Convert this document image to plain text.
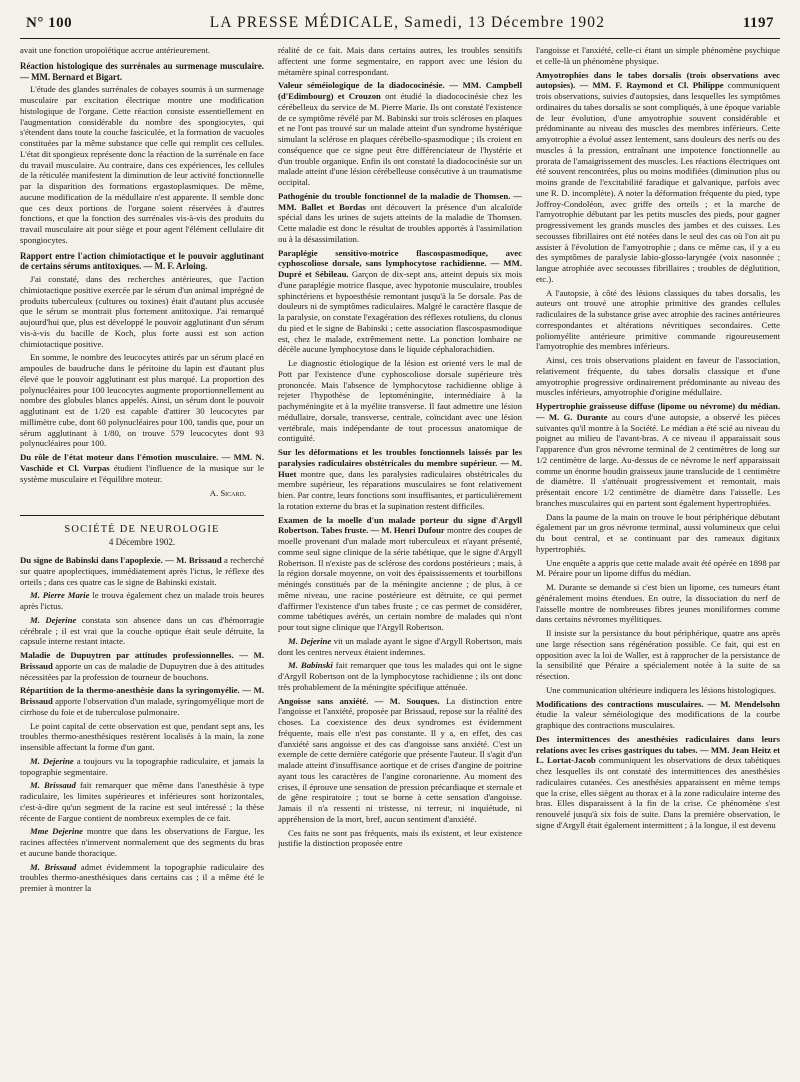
N° 100	LA PRESSE MÉDICALE, Samedi, 13 Décembre 1902	1197

avait une fonction uropoïétique accrue antérieurement.

Réaction histologique des surrénales au surmenage musculaire. — MM. Bernard et Bigart.

L'étude des glandes surrénales de cobayes soumis à un surmenage musculaire par excitation électrique montre une modification histologique de l'organe. Cette réaction consiste essentiellement en l'augmentation considérable du nombre des spongiocytes, qui s'étendent dans toute la couche fasciculée, et la formation de vacuoles constituées par la même substance que celle qui remplit ces cellules. L'état dit spongieux représente donc la réaction de la surrénale en face du travail musculaire. Au contraire, dans ces expériences, les cellules de la réticulée manifestent la diminution de leur activité fonctionnelle par la disparition des formations ergastoplasmiques. De même, aucune modification de la médullaire n'est apparente. Il semble donc que ces deux portions de l'organe soient réservées à d'autres fonctions, et que la fonction des surrénales vis-à-vis des produits du travail musculaire ait pour siège et pour agent l'élément cellulaire dit spongiocytes.

Rapport entre l'action chimiotactique et le pouvoir agglutinant de certains sérums antitoxiques. — M. F. Arloing.

J'ai constaté, dans des recherches antérieures, que l'action chimiotactique positive exercée par le sérum d'un animal imprégné de produits tuberculeux (cultures ou toxines) était d'autant plus accusée que le sérum se montrait plus fortement antitoxique. J'ai remarqué aujourd'hui que, plus est développé le pouvoir agglutinant d'un sérum vis-à-vis du bacille de Koch, plus forte aussi est son action chimiotactique positive.

En somme, le nombre des leucocytes attirés par un sérum placé en ampoules de baudruche dans le péritoine du lapin est d'autant plus élevé que le pouvoir agglutinant est plus marqué. La proportion des polynucléaires pour 100 leucocytes augmente proportionnellement au nombre des globules blancs appelés. Ainsi, un sérum dont le pouvoir agglutinant est de 1/20 est capable d'attirer 30 leucocytes par millimètre cube, dont 60 polynucléaires pour 100, tandis que, pour un sérum agglutinant à 1/80, on trouve 579 leucocytes dont 93 polynucléaires pour 100.

Du rôle de l'état moteur dans l'émotion musculaire. — MM. N. Vaschide et Cl. Vurpas étudient l'influence de la musique sur le système musculaire et l'équilibre moteur.

A. Sicard.

SOCIÉTÉ DE NEUROLOGIE
4 Décembre 1902.

Du signe de Babinski dans l'apoplexie. — M. Brissaud a recherché sur quatre apoplectiques, immédiatement après l'ictus, le réflexe des orteils ; dans ces quatre cas le signe de Babinski existait.

M. Pierre Marie le trouva également chez un malade trois heures après l'ictus.

M. Dejerine constata son absence dans un cas d'hémorragie cérébrale ; il est vrai que la couche optique était seule détruite, la capsule interne restant intacte.

Maladie de Dupuytren par attitudes professionnelles. — M. Brissaud apporte un cas de maladie de Dupuytren due à des attitudes nécessitées par la profession de tourneur de bouchons.

Répartition de la thermo-anesthésie dans la syringomyélie. — M. Brissaud apporte l'observation d'un malade, syringomyélique mort de cirrhose du foie et de tuberculose pulmonaire.

Le point capital de cette observation est que, pendant sept ans, les troubles thermo-anesthésiques restèrent localisés à la main, la zone insensible affectant la forme d'un gant.

M. Dejerine a toujours vu la topographie radiculaire, et jamais la topographie segmentaire.

M. Brissaud fait remarquer que même dans l'anesthésie à type radiculaire, les limites supérieures et inférieures sont horizontales, c'est-à-dire qu'un segment de la racine est seul intéressé ; la thèse récente de Fargue contient de nombreux exemples de ce fait.

Mme Dejerine montre que dans les observations de Fargue, les racines affectées n'innervent normalement que des segments du bras et aucune bande thoracique.

M. Brissaud admet évidemment la topographie radiculaire des troubles thermo-anesthésiques dans certains cas ; il a même été le premier à montrer la

réalité de ce fait. Mais dans certains autres, les troubles sensitifs affectent une forme segmentaire, en rapport avec une lésion du métamère spinal correspondant.

Valeur séméiologique de la diadococinésie. — MM. Campbell (d'Edimbourg) et Crouzon ont étudié la diadococinésie chez les cérébelleux du service de M. Pierre Marie. Ils ont constaté l'existence de ce symptôme révélé par M. Babinski sur trois scléroses en plaques et ne l'ont pas trouvé sur un malade atteint d'un syndrome hystérique simulant la sclérose en plaques cérébello-spasmodique ; ils croient en conséquence que ce signe peut être différenciateur de l'hystérie et d'un trouble organique. Enfin ils ont constaté la diadococinésie sur un malade atteint d'une lésion cérébelleuse consécutive à un traumatisme occipital.

Pathogénie du trouble fonctionnel de la maladie de Thomsen. — MM. Ballet et Bordas ont découvert la présence d'un alcaloïde spécial dans les urines de sujets atteints de la maladie de Thomsen. Cette maladie est donc le résultat de troubles apportés à l'assimilation ou à la désassimilation.

Paraplégie sensitivo-motrice flascospasmodique, avec cyphoscoliose dorsale, sans lymphocytose rachidienne. — MM. Dupré et Sébileau. Garçon de dix-sept ans, atteint depuis six mois d'une paraplégie motrice flasque, avec hypotonie musculaire, troubles sphinctériens et hypoesthésie remontant jusqu'à la 5e dorsale. Pas de douleurs ni de symptômes radiculaires. Malgré le caractère flasque de la paralysie, on constate l'exagération des réflexes rotuliens, du clonus du pied et le signe de Babinski ; cette association flascospasmodique est, chez le malade, extrêmement nette. La ponction lombaire ne décèle aucune lymphocytose dans le liquide céphalorachidien.

Le diagnostic étiologique de la lésion est orienté vers le mal de Pott par l'existence d'une cyphoscoliose dorsale supérieure très prononcée. Mais l'absence de lymphocytose rachidienne oblige à rejeter l'hypothèse de leptoméningite, intermédiaire à la pachyméningite et à la myélite transverse. Il faut admettre une lésion médullaire, dorsale, transverse, centrale, coïncidant avec une lésion vertébrale, mais indépendante de tout processus anatomique de contiguïté.

Sur les déformations et les troubles fonctionnels laissés par les paralysies radiculaires obstétricales du membre supérieur. — M. Huet montre que, dans les paralysies radiculaires obstétricales du membre supérieur, les réparations musculaires se font relativement bien. Par contre, leurs fonctions sont insuffisantes, et particulièrement la rotation externe du bras et la supination restent difficiles.

Examen de la moelle d'un malade porteur du signe d'Argyll Robertson. Tabes fruste. — M. Henri Dufour montre des coupes de moelle provenant d'un malade mort tuberculeux et n'ayant présenté, comme seul signe clinique de la série tabétique, que le signe d'Argyll Robertson. Il n'existe pas de sclérose des cordons postérieurs ; mais, à la région dorsale moyenne, on voit des épaississements et tourbillons méningés constitués par de la méningite ancienne ; de plus, à ce même niveau, une racine postérieure est détruite, ce qui permet d'affirmer l'existence d'un tabes fruste ; ce cas permet de considérer, comme tabétiques avérés, un certain nombre de malades qui n'ont pour tout signe clinique que l'Argyll Robertson.

M. Dejerine vit un malade ayant le signe d'Argyll Robertson, mais dont les centres nerveux étaient indemnes.

M. Babinski fait remarquer que tous les malades qui ont le signe d'Argyll Robertson ont de la lymphocytose rachidienne ; ils ont donc très probablement de la méningite spécifique atténuée.

Angoisse sans anxiété. — M. Souques. La distinction entre l'angoisse et l'anxiété, proposée par Brissaud, repose sur la réalité des choses. La coexistence des deux syndromes est évidemment fréquente, mais elle n'est pas constante. Il y a, en effet, des cas d'anxiété sans angoisse et des cas d'angoisse sans anxiété. C'est un exemple de cette dernière catégorie que présente l'auteur. Il s'agit d'un malade atteint d'insuffisance aortique et de crises d'angine de poitrine ayant tous les caractères de l'angine coronarienne. Au moment des crises, il éprouve une sensation de pression précardiaque et sternale et de gêne respiratoire ; tout se borne à cette sensation d'angoisse. Jamais il n'a ressenti ni tristesse, ni terreur, ni inquiétude, ni appréhension de la mort, bref, aucun sentiment d'anxiété.

Ces faits ne sont pas fréquents, mais ils existent, et leur existence justifie la distinction proposée entre

l'angoisse et l'anxiété, celle-ci étant un simple phénomène psychique et celle-là un phénomène physique.

Amyotrophies dans le tabes dorsalis (trois observations avec autopsies). — MM. F. Raymond et Cl. Philippe communiquent trois observations, suivies d'autopsies, dans lesquelles les symptômes ordinaires du tabes dorsalis se sont compliqués, à une époque variable de leur évolution, d'une amyotrophie souvent considérable et prédominante au niveau des muscles des membres inférieurs. Cette amyotrophie a évolué assez lentement, sans douleurs des nerfs ou des muscles à la pression, entraînant une impotence fonctionnelle au prorata de l'amaigrissement des muscles. Les réactions électriques ont été souvent rencontrées, plus ou moins modifiées (diminution plus ou moins grande de l'excitabilité faradique et galvanique, parfois avec une R. D. incomplète). A noter la déformation fréquente du pied, type Joffroy-Condoléon, avec griffe des orteils ; et la marche de l'amyotrophie débutant par les petits muscles des pieds, pour gagner progressivement les grands muscles des jambes et des cuisses. Les secousses fibrillaires ont été notées dans le seul des cas où l'on ait pu assister à l'évolution de l'amyotrophie ; dans ce même cas, il y a eu des symptômes de paralysie labio-glosso-laryngée (voix nasonnée ; langue atrophiée avec secousses fibrillaires ; troubles de déglutition, etc.).

A l'autopsie, à côté des lésions classiques du tabes dorsalis, les auteurs ont trouvé une atrophie primitive des grandes cellules radiculaires de la substance grise avec atrophie des racines antérieures correspondantes et altérations névritiques secondaires. Cette poliomyélite antérieure primitive commande rigoureusement l'amyotrophie des membres inférieurs.

Ainsi, ces trois observations plaident en faveur de l'association, relativement fréquente, du tabes dorsalis classique et d'une amyotrophie progressive ordinairement prédominante au niveau des muscles inférieurs, amyotrophie d'origine médullaire.

Hypertrophie graisseuse diffuse (lipome ou névrome) du médian. — M. G. Durante au cours d'une autopsie, a observé les pièces suivantes qu'il montre à la Société. Le médian a été scié au niveau du poignet au milieu de l'avant-bras. A ce niveau il apparaissait sous l'apparence d'un gros névrome terminal de 2 centimètres de long sur 1/2 centimètre de large. Au-dessus de ce névrome le nerf apparaissait comme un énorme boudin graisseux jaune translucide de 1 centimètre de diamètre. Il s'atténuait progressivement et remontait, mais présentait encore 1/2 centimètre de diamètre dans l'aisselle. Les branches musculaires qui en partent sont également hypertrophiées.

Dans la paume de la main on trouve le bout périphérique débutant également par un gros névrome terminal, aussi volumineux que celui du bout central, et se continuant par des rameaux digitaux hypertrophiés.

Une enquête a appris que cette malade avait été opérée en 1898 par M. Péraire pour un lipome diffus du médian.

M. Durante se demande si c'est bien un lipome, ces tumeurs étant généralement moins étendues. En outre, la dissociation du nerf de l'aisselle montre de nombreuses fibres jeunes moniliformes comme dans certains névromes myélitiques.

Il insiste sur la persistance du bout périphérique, quatre ans après une large résection sans régénération possible. Ce fait, qui est en opposition avec la loi de Waller, est à rapprocher de la persistance de la sensibilité que Péraire a spécialement notée à la suite de sa résection.

Une communication ultérieure indiquera les lésions histologiques.

Modifications des contractions musculaires. — M. Mendelsohn étudie la valeur séméiologique des modifications de la courbe graphique des contractions musculaires.

Des intermittences des anesthésies radiculaires dans leurs relations avec les crises gastriques du tabes. — MM. Jean Heitz et L. Lortat-Jacob communiquent les observations de deux tabétiques chez lesquelles ils ont constaté des intermittences des anesthésies radiculaires cutanées. Ces anesthésies apparaissent en même temps que la crise, elles siègent au thorax et à la zone radiculaire interne des bras. Elles disparaissent à la fin de la crise. Ce phénomène s'est renouvelé jusqu'à six fois de suite. Dans la première observation, le signe d'Argyll était également intermittent ; à la longue, il est devenu
